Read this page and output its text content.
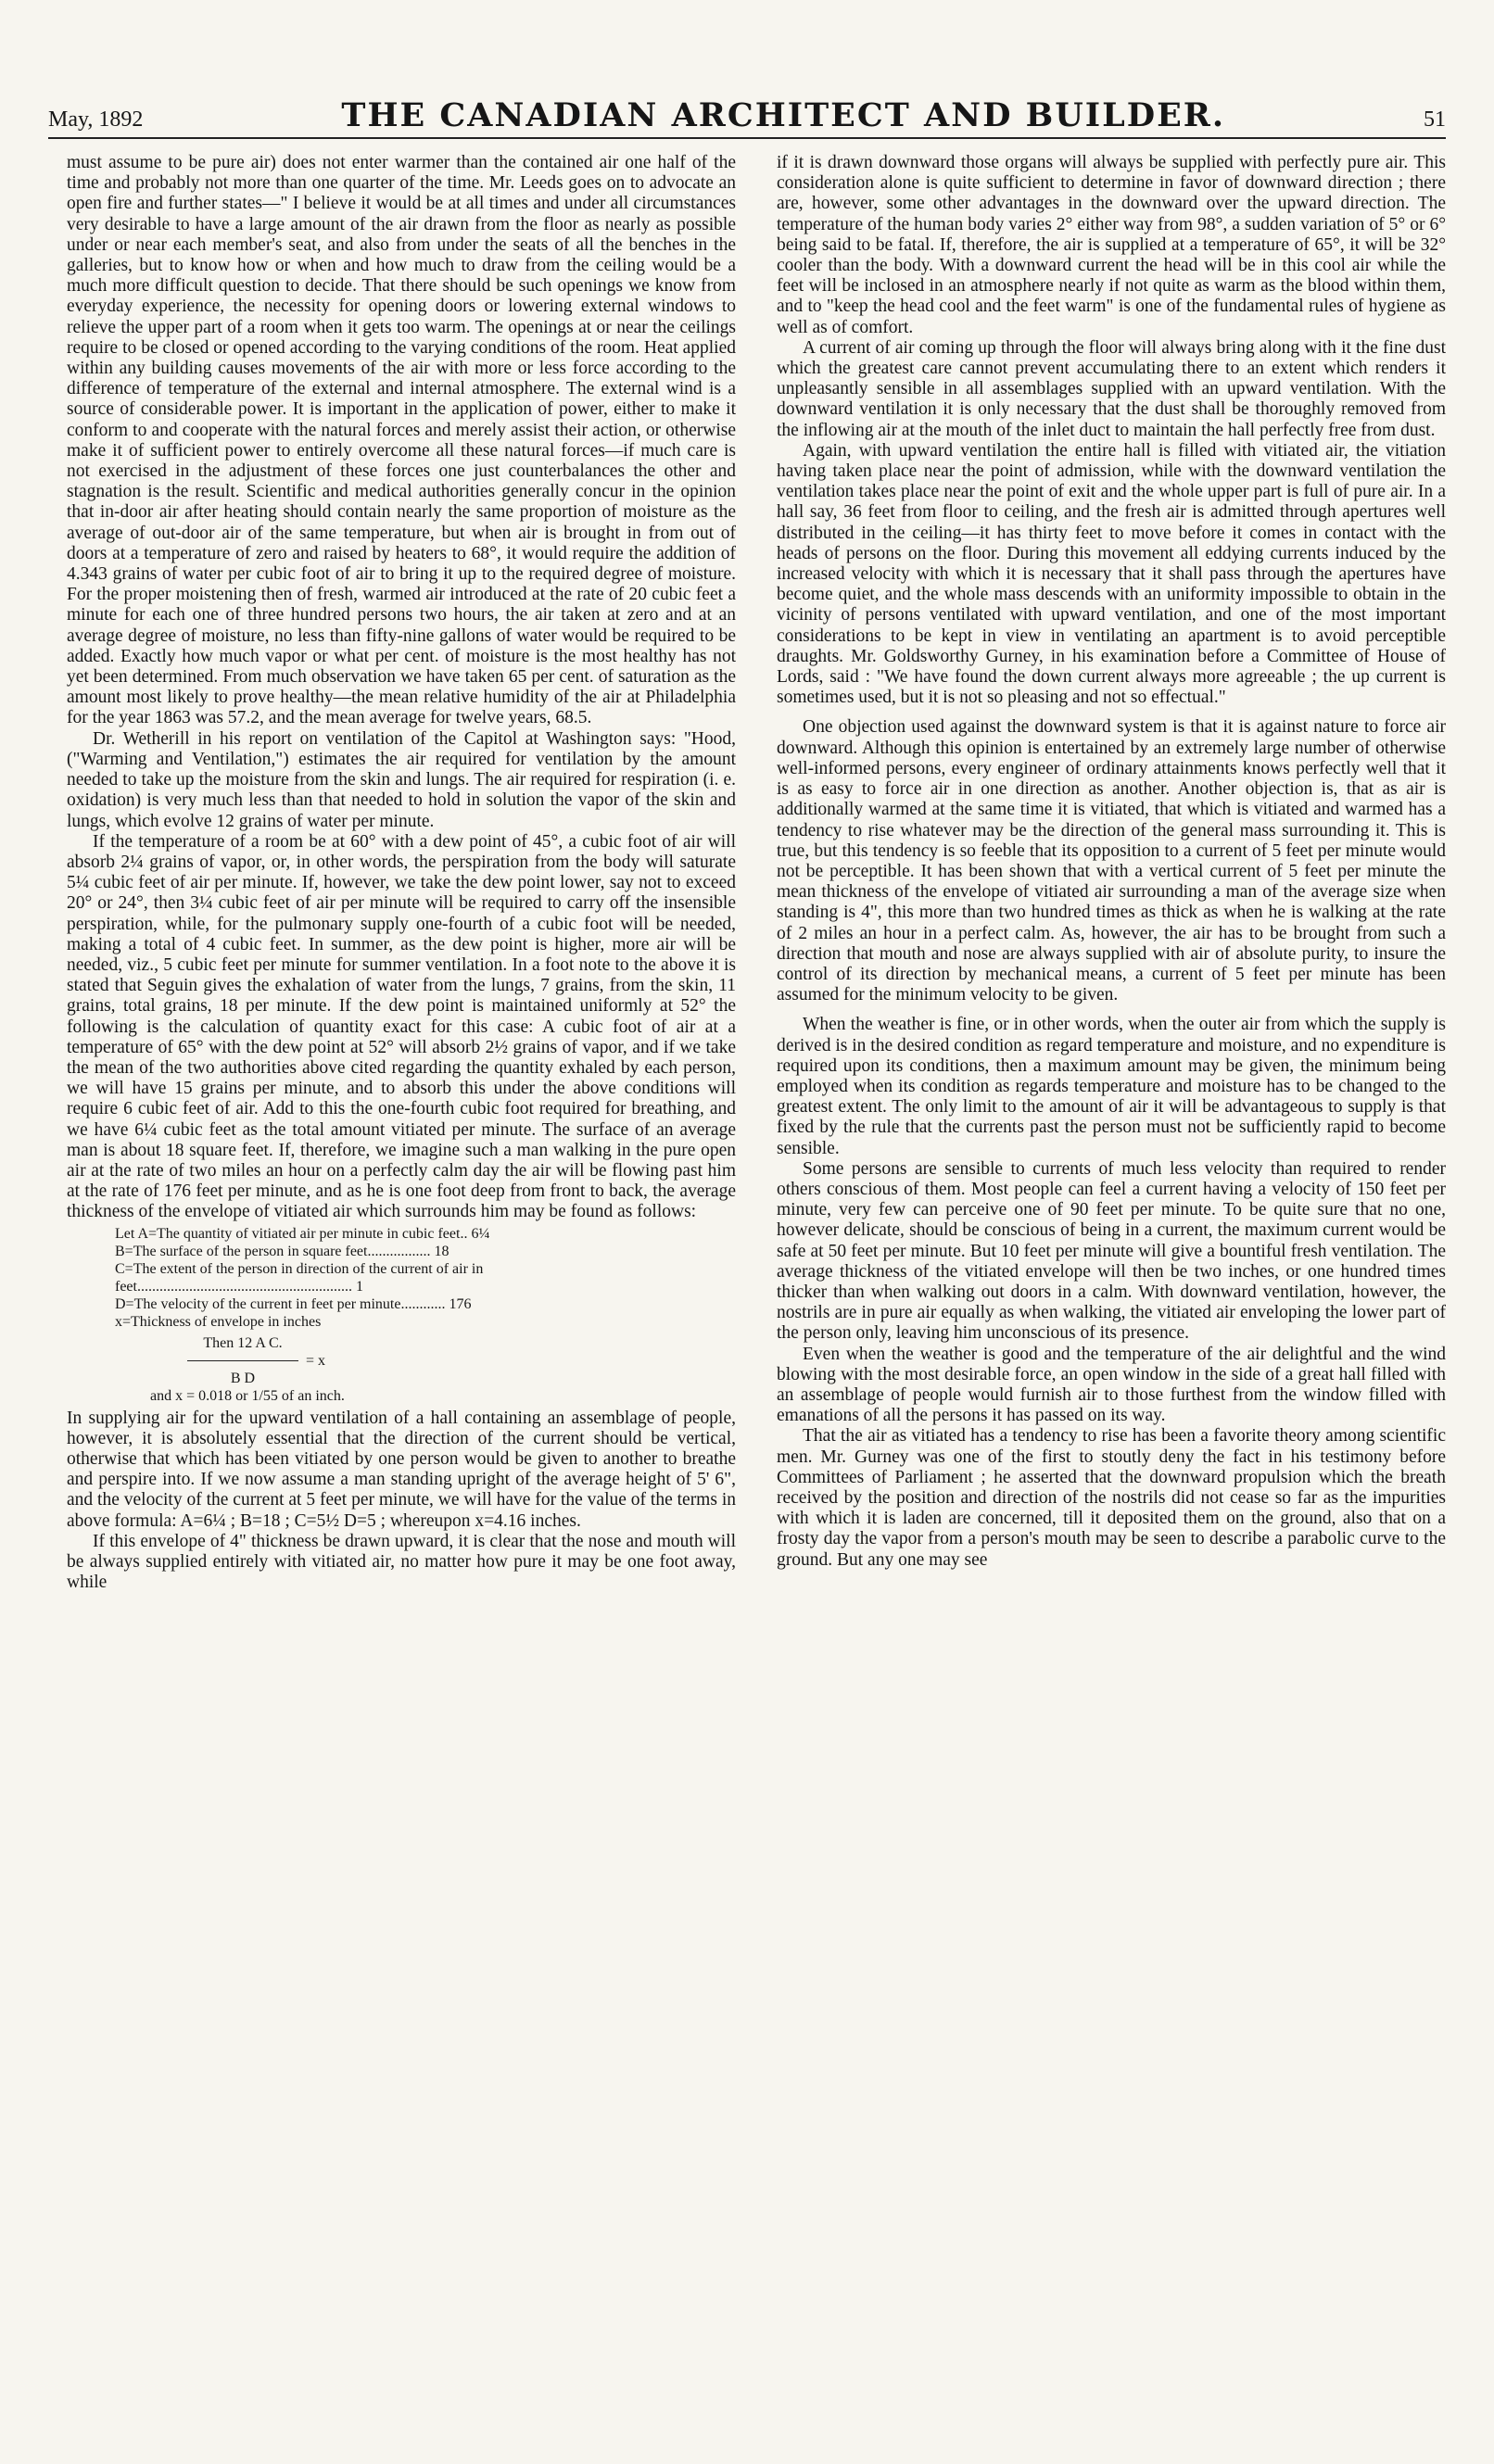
May, 1892	THE CANADIAN ARCHITECT AND BUILDER.	51

must assume to be pure air) does not enter warmer than the contained air one half of the time and probably not more than one quarter of the time. Mr. Leeds goes on to advocate an open fire and further states—" I believe it would be at all times and under all circumstances very desirable to have a large amount of the air drawn from the floor as nearly as possible under or near each member's seat, and also from under the seats of all the benches in the galleries, but to know how or when and how much to draw from the ceiling would be a much more difficult question to decide. That there should be such openings we know from everyday experience, the necessity for opening doors or lowering external windows to relieve the upper part of a room when it gets too warm. The openings at or near the ceilings require to be closed or opened according to the varying conditions of the room. Heat applied within any building causes movements of the air with more or less force according to the difference of temperature of the external and internal atmosphere. The external wind is a source of considerable power. It is important in the application of power, either to make it conform to and cooperate with the natural forces and merely assist their action, or otherwise make it of sufficient power to entirely overcome all these natural forces—if much care is not exercised in the adjustment of these forces one just counterbalances the other and stagnation is the result. Scientific and medical authorities generally concur in the opinion that in-door air after heating should contain nearly the same proportion of moisture as the average of out-door air of the same temperature, but when air is brought in from out of doors at a temperature of zero and raised by heaters to 68°, it would require the addition of 4.343 grains of water per cubic foot of air to bring it up to the required degree of moisture. For the proper moistening then of fresh, warmed air introduced at the rate of 20 cubic feet a minute for each one of three hundred persons two hours, the air taken at zero and at an average degree of moisture, no less than fifty-nine gallons of water would be required to be added. Exactly how much vapor or what per cent. of moisture is the most healthy has not yet been determined. From much observation we have taken 65 per cent. of saturation as the amount most likely to prove healthy—the mean relative humidity of the air at Philadelphia for the year 1863 was 57.2, and the mean average for twelve years, 68.5.

Dr. Wetherill in his report on ventilation of the Capitol at Washington says: "Hood, ("Warming and Ventilation,") estimates the air required for ventilation by the amount needed to take up the moisture from the skin and lungs. The air required for respiration (i. e. oxidation) is very much less than that needed to hold in solution the vapor of the skin and lungs, which evolve 12 grains of water per minute.

If the temperature of a room be at 60° with a dew point of 45°, a cubic foot of air will absorb 2¼ grains of vapor, or, in other words, the perspiration from the body will saturate 5¼ cubic feet of air per minute. If, however, we take the dew point lower, say not to exceed 20° or 24°, then 3¼ cubic feet of air per minute will be required to carry off the insensible perspiration, while, for the pulmonary supply one-fourth of a cubic foot will be needed, making a total of 4 cubic feet. In summer, as the dew point is higher, more air will be needed, viz., 5 cubic feet per minute for summer ventilation. In a foot note to the above it is stated that Seguin gives the exhalation of water from the lungs, 7 grains, from the skin, 11 grains, total grains, 18 per minute. If the dew point is maintained uniformly at 52° the following is the calculation of quantity exact for this case: A cubic foot of air at a temperature of 65° with the dew point at 52° will absorb 2½ grains of vapor, and if we take the mean of the two authorities above cited regarding the quantity exhaled by each person, we will have 15 grains per minute, and to absorb this under the above conditions will require 6 cubic feet of air. Add to this the one-fourth cubic foot required for breathing, and we have 6¼ cubic feet as the total amount vitiated per minute. The surface of an average man is about 18 square feet. If, therefore, we imagine such a man walking in the pure open air at the rate of two miles an hour on a perfectly calm day the air will be flowing past him at the rate of 176 feet per minute, and as he is one foot deep from front to back, the average thickness of the envelope of vitiated air which surrounds him may be found as follows:

Let A=The quantity of vitiated air per minute in cubic feet.. 6¼
B=The surface of the person in square feet................. 18
C=The extent of the person in direction of the current of air in
feet.......................................................... 1
D=The velocity of the current in feet per minute............ 176
x=Thickness of envelope in inches
Then 12 A C.
= x
B D
and x = 0.018 or 1/55 of an inch.

In supplying air for the upward ventilation of a hall containing an assemblage of people, however, it is absolutely essential that the direction of the current should be vertical, otherwise that which has been vitiated by one person would be given to another to breathe and perspire into. If we now assume a man standing upright of the average height of 5' 6", and the velocity of the current at 5 feet per minute, we will have for the value of the terms in above formula: A=6¼ ; B=18 ; C=5½ D=5 ; whereupon x=4.16 inches.

If this envelope of 4" thickness be drawn upward, it is clear that the nose and mouth will be always supplied entirely with vitiated air, no matter how pure it may be one foot away, while

if it is drawn downward those organs will always be supplied with perfectly pure air. This consideration alone is quite sufficient to determine in favor of downward direction ; there are, however, some other advantages in the downward over the upward direction. The temperature of the human body varies 2° either way from 98°, a sudden variation of 5° or 6° being said to be fatal. If, therefore, the air is supplied at a temperature of 65°, it will be 32° cooler than the body. With a downward current the head will be in this cool air while the feet will be inclosed in an atmosphere nearly if not quite as warm as the blood within them, and to "keep the head cool and the feet warm" is one of the fundamental rules of hygiene as well as of comfort.

A current of air coming up through the floor will always bring along with it the fine dust which the greatest care cannot prevent accumulating there to an extent which renders it unpleasantly sensible in all assemblages supplied with an upward ventilation. With the downward ventilation it is only necessary that the dust shall be thoroughly removed from the inflowing air at the mouth of the inlet duct to maintain the hall perfectly free from dust.

Again, with upward ventilation the entire hall is filled with vitiated air, the vitiation having taken place near the point of admission, while with the downward ventilation the ventilation takes place near the point of exit and the whole upper part is full of pure air. In a hall say, 36 feet from floor to ceiling, and the fresh air is admitted through apertures well distributed in the ceiling—it has thirty feet to move before it comes in contact with the heads of persons on the floor. During this movement all eddying currents induced by the increased velocity with which it is necessary that it shall pass through the apertures have become quiet, and the whole mass descends with an uniformity impossible to obtain in the vicinity of persons ventilated with upward ventilation, and one of the most important considerations to be kept in view in ventilating an apartment is to avoid perceptible draughts. Mr. Goldsworthy Gurney, in his examination before a Committee of House of Lords, said : "We have found the down current always more agreeable ; the up current is sometimes used, but it is not so pleasing and not so effectual."

One objection used against the downward system is that it is against nature to force air downward. Although this opinion is entertained by an extremely large number of otherwise well-informed persons, every engineer of ordinary attainments knows perfectly well that it is as easy to force air in one direction as another. Another objection is, that as air is additionally warmed at the same time it is vitiated, that which is vitiated and warmed has a tendency to rise whatever may be the direction of the general mass surrounding it. This is true, but this tendency is so feeble that its opposition to a current of 5 feet per minute would not be perceptible. It has been shown that with a vertical current of 5 feet per minute the mean thickness of the envelope of vitiated air surrounding a man of the average size when standing is 4", this more than two hundred times as thick as when he is walking at the rate of 2 miles an hour in a perfect calm. As, however, the air has to be brought from such a direction that mouth and nose are always supplied with air of absolute purity, to insure the control of its direction by mechanical means, a current of 5 feet per minute has been assumed for the minimum velocity to be given.

When the weather is fine, or in other words, when the outer air from which the supply is derived is in the desired condition as regard temperature and moisture, and no expenditure is required upon its conditions, then a maximum amount may be given, the minimum being employed when its condition as regards temperature and moisture has to be changed to the greatest extent. The only limit to the amount of air it will be advantageous to supply is that fixed by the rule that the currents past the person must not be sufficiently rapid to become sensible.

Some persons are sensible to currents of much less velocity than required to render others conscious of them. Most people can feel a current having a velocity of 150 feet per minute, very few can perceive one of 90 feet per minute. To be quite sure that no one, however delicate, should be conscious of being in a current, the maximum current would be safe at 50 feet per minute. But 10 feet per minute will give a bountiful fresh ventilation. The average thickness of the vitiated envelope will then be two inches, or one hundred times thicker than when walking out doors in a calm. With downward ventilation, however, the nostrils are in pure air equally as when walking, the vitiated air enveloping the lower part of the person only, leaving him unconscious of its presence.

Even when the weather is good and the temperature of the air delightful and the wind blowing with the most desirable force, an open window in the side of a great hall filled with an assemblage of people would furnish air to those furthest from the window filled with emanations of all the persons it has passed on its way.

That the air as vitiated has a tendency to rise has been a favorite theory among scientific men. Mr. Gurney was one of the first to stoutly deny the fact in his testimony before Committees of Parliament ; he asserted that the downward propulsion which the breath received by the position and direction of the nostrils did not cease so far as the impurities with which it is laden are concerned, till it deposited them on the ground, also that on a frosty day the vapor from a person's mouth may be seen to describe a parabolic curve to the ground. But any one may see
